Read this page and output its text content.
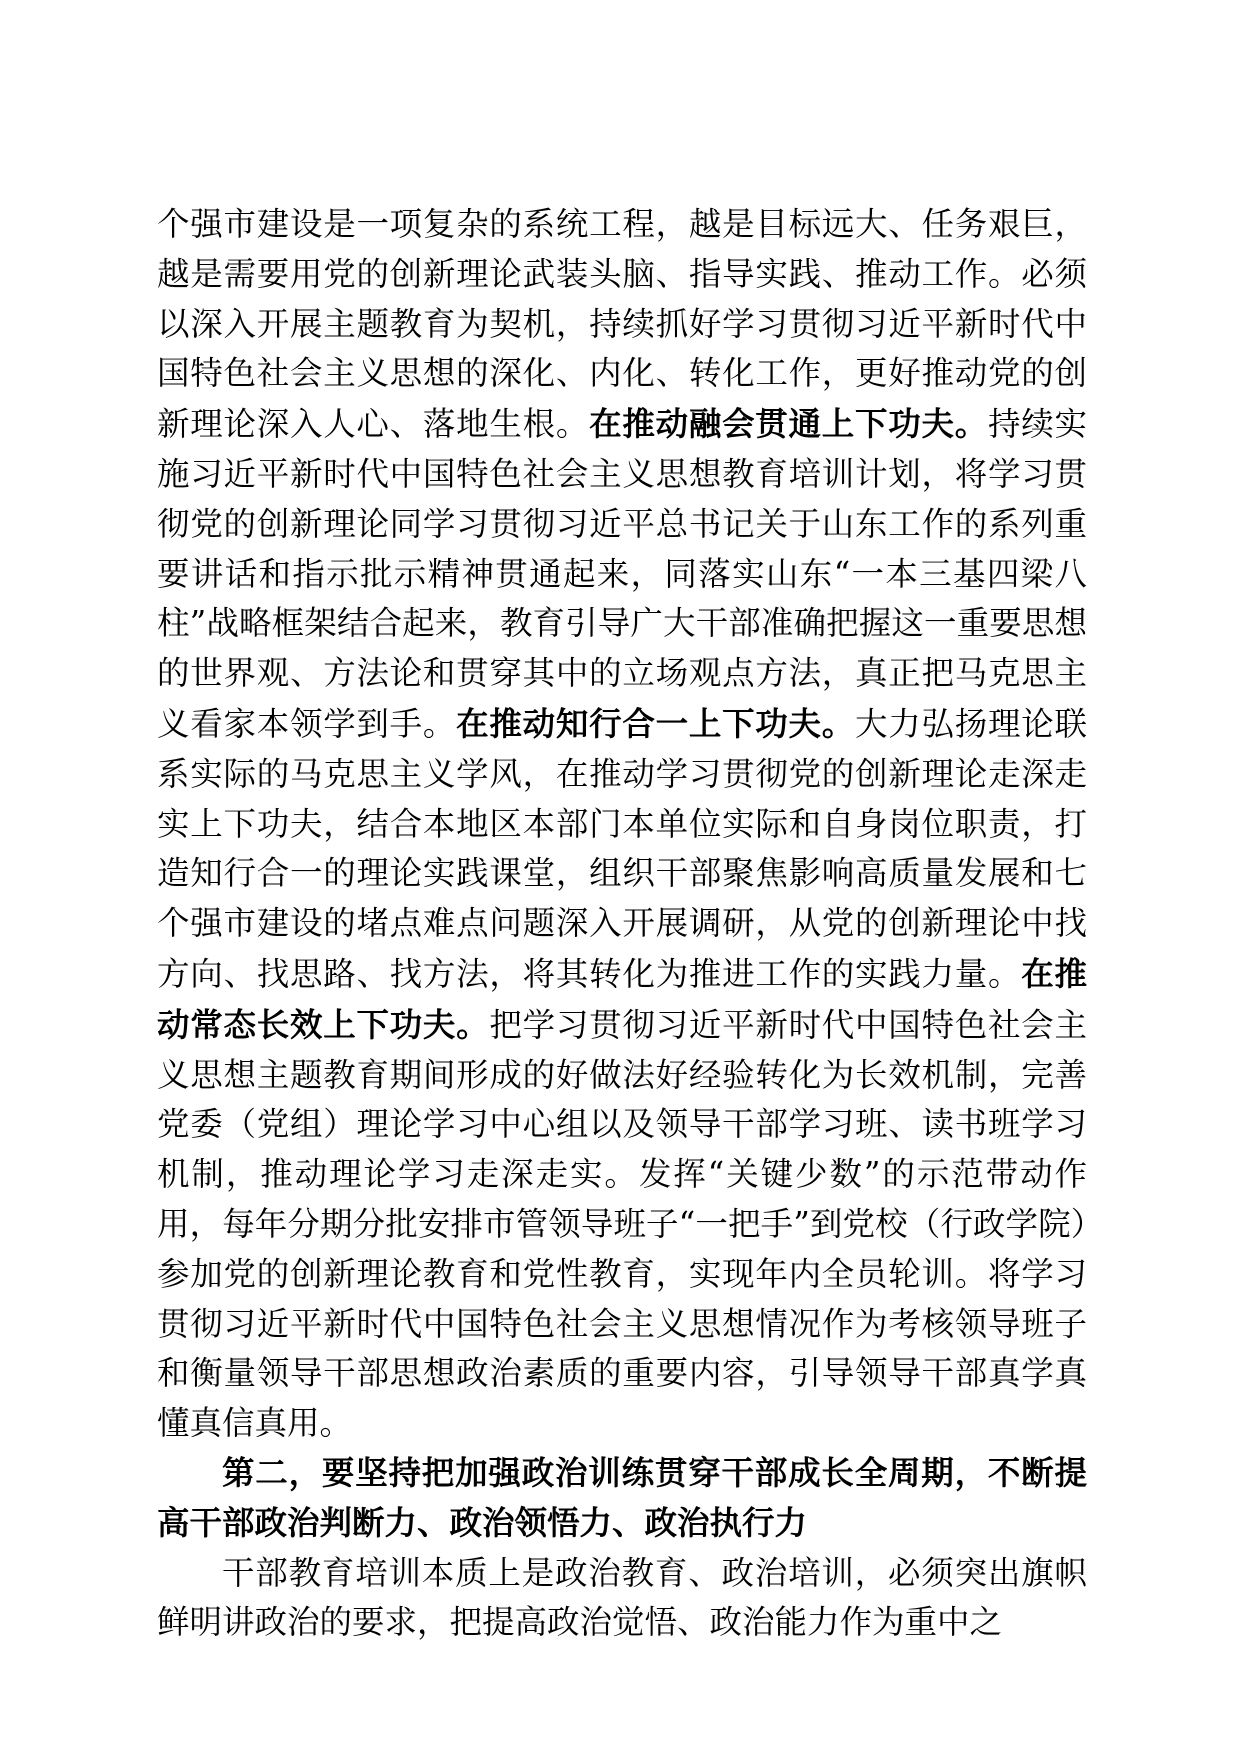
个强市建设是一项复杂的系统工程，越是目标远大、任务艰巨，越是需要用党的创新理论武装头脑、指导实践、推动工作。必须以深入开展主题教育为契机，持续抓好学习贯彻习近平新时代中国特色社会主义思想的深化、内化、转化工作，更好推动党的创新理论深入人心、落地生根。在推动融会贯通上下功夫。持续实施习近平新时代中国特色社会主义思想教育培训计划，将学习贯彻党的创新理论同学习贯彻习近平总书记关于山东工作的系列重要讲话和指示批示精神贯通起来，同落实山东“一本三基四梁八柱”战略框架结合起来，教育引导广大干部准确把握这一重要思想的世界观、方法论和贯穿其中的立场观点方法，真正把马克思主义看家本领学到手。在推动知行合一上下功夫。大力弘扬理论联系实际的马克思主义学风，在推动学习贯彻党的创新理论走深走实上下功夫，结合本地区本部门本单位实际和自身岗位职责，打造知行合一的理论实践课堂，组织干部聚焦影响高质量发展和七个强市建设的堵点难点问题深入开展调研，从党的创新理论中找方向、找思路、找方法，将其转化为推进工作的实践力量。在推动常态长效上下功夫。把学习贯彻习近平新时代中国特色社会主义思想主题教育期间形成的好做法好经验转化为长效机制，完善党委（党组）理论学习中心组以及领导干部学习班、读书班学习机制，推动理论学习走深走实。发挥“关键少数”的示范带动作用，每年分期分批安排市管领导班子“一把手”到党校（行政学院）参加党的创新理论教育和党性教育，实现年内全员轮训。将学习贯彻习近平新时代中国特色社会主义思想情况作为考核领导班子和衡量领导干部思想政治素质的重要内容，引导领导干部真学真懂真信真用。

第二，要坚持把加强政治训练贯穿干部成长全周期，不断提高干部政治判断力、政治领悟力、政治执行力

干部教育培训本质上是政治教育、政治培训，必须突出旗帜鲜明讲政治的要求，把提高政治觉悟、政治能力作为重中之
